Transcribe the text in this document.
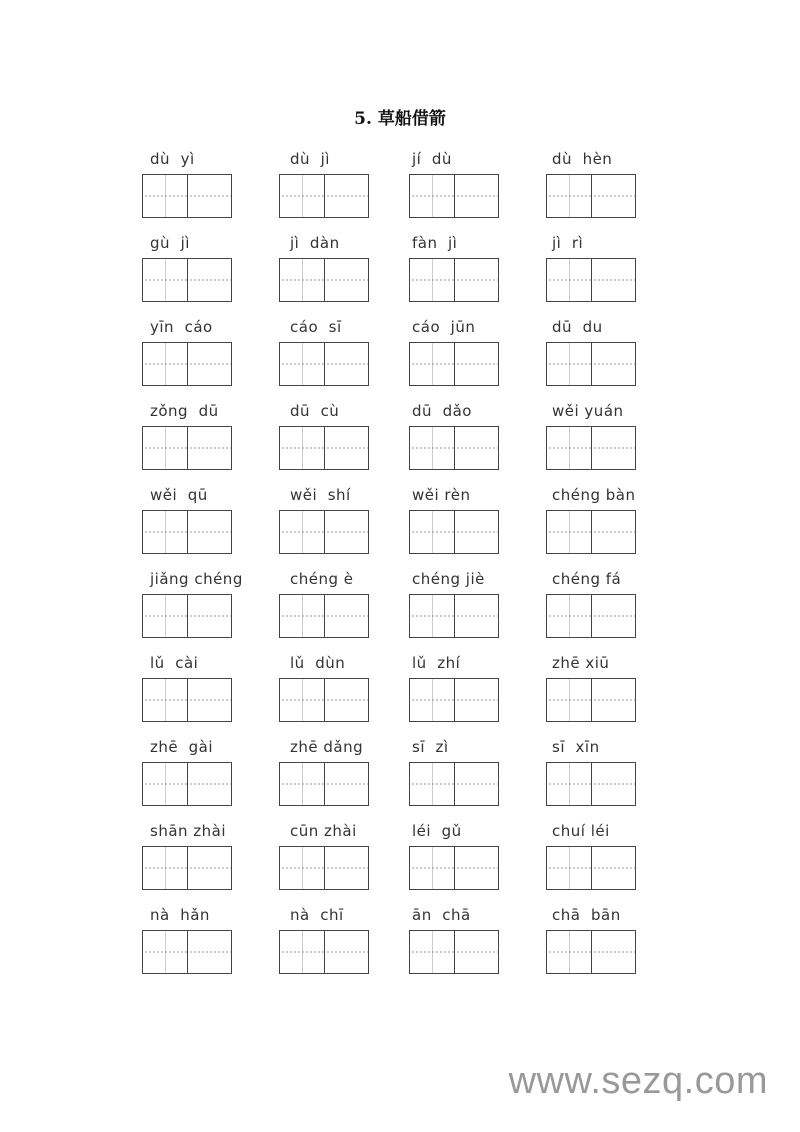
5. 草船借箭
dù  yì	dù  jì	jí  dù	dù  hèn
gù  jì	jì  dàn	fàn  jì	jì  rì
yīn  cáo	cáo  sī	cáo  jūn	dū  du
zǒng  dū	dū  cù	dū  dǎo	wěi yuán
wěi  qū	wěi  shí	wěi rèn	chéng bàn
jiǎng chéng	chéng è	chéng jiè	chéng fá
lǔ  cài	lǔ  dùn	lǔ  zhí	zhē xiū
zhē  gài	zhē dǎng	sī  zì	sī  xīn
shān zhài	cūn zhài	léi  gǔ	chuí léi
nà  hǎn	nà  chī	ān  chā	chā  bān
www.sezq.com
